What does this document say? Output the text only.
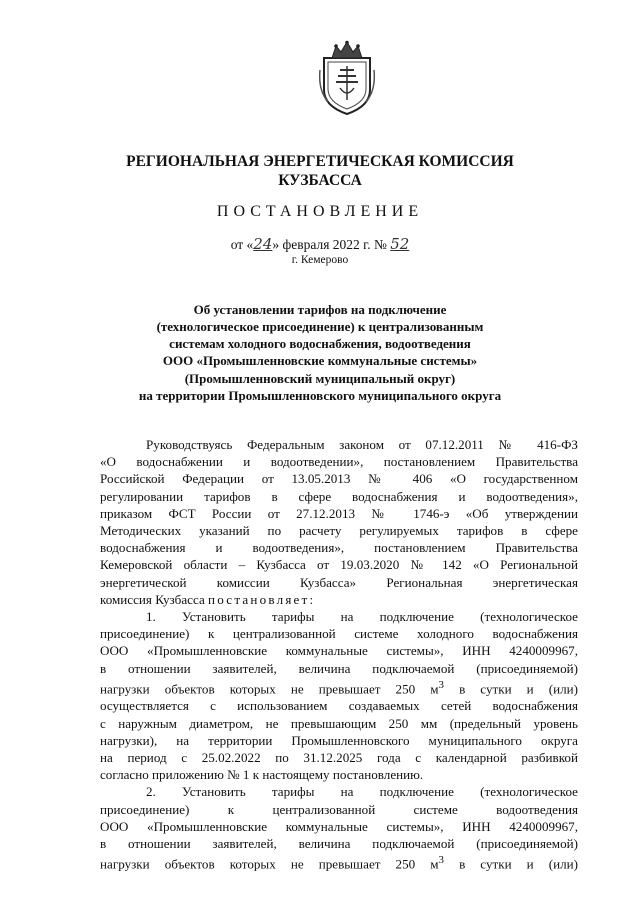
РЕГИОНАЛЬНАЯ ЭНЕРГЕТИЧЕСКАЯ КОМИССИЯ
КУЗБАССА
ПОСТАНОВЛЕНИЕ
от «24» февраля 2022 г. № 52
г. Кемерово
Об установлении тарифов на подключение
(технологическое присоединение) к централизованным
системам холодного водоснабжения, водоотведения
ООО «Промышленновские коммунальные системы»
(Промышленновский муниципальный округ)
на территории Промышленновского муниципального округа
Руководствуясь Федеральным законом от 07.12.2011 № 416-ФЗ
«О водоснабжении и водоотведении», постановлением Правительства
Российской Федерации от 13.05.2013 № 406 «О государственном
регулировании тарифов в сфере водоснабжения и водоотведения»,
приказом ФСТ России от 27.12.2013 № 1746-э «Об утверждении
Методических указаний по расчету регулируемых тарифов в сфере
водоснабжения и водоотведения», постановлением Правительства
Кемеровской области – Кузбасса от 19.03.2020 № 142 «О Региональной
энергетической комиссии Кузбасса» Региональная энергетическая
комиссия Кузбасса постановляет:
1. Установить тарифы на подключение (технологическое
присоединение) к централизованной системе холодного водоснабжения
ООО «Промышленновские коммунальные системы», ИНН 4240009967,
в отношении заявителей, величина подключаемой (присоединяемой)
нагрузки объектов которых не превышает 250 $м^3$ в сутки и (или)
осуществляется с использованием создаваемых сетей водоснабжения
с наружным диаметром, не превышающим 250 мм (предельный уровень
нагрузки), на территории Промышленновского муниципального округа
на период с 25.02.2022 по 31.12.2025 года с календарной разбивкой
согласно приложению № 1 к настоящему постановлению.
2. Установить тарифы на подключение (технологическое
присоединение) к централизованной системе водоотведения
ООО «Промышленновские коммунальные системы», ИНН 4240009967,
в отношении заявителей, величина подключаемой (присоединяемой)
нагрузки объектов которых не превышает 250 $м^3$ в сутки и (или)
